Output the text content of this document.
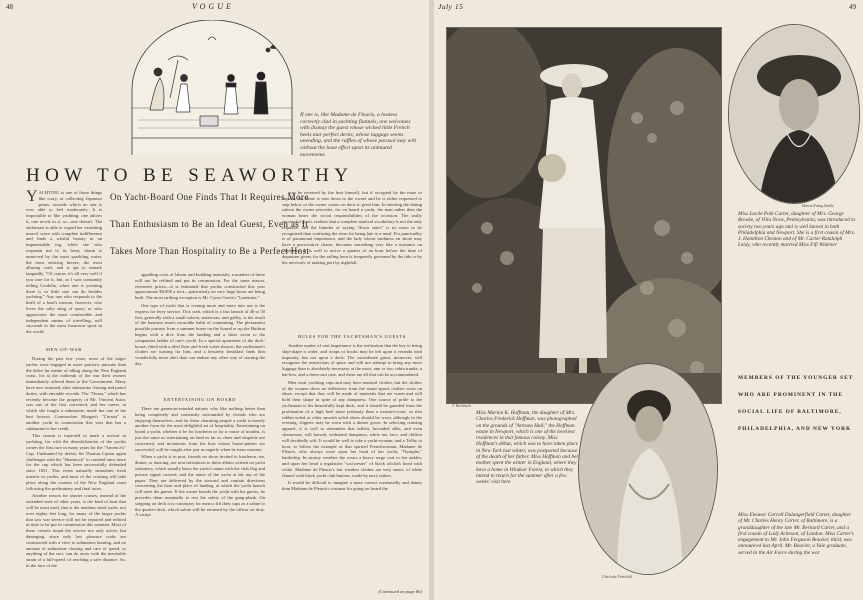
48	VOGUE
If one is, like Madame de Fleuris, a hostess correctly clad in yachting flannels, one welcomes with dismay the guest whose wicked little French heels mar perfect decks, whose luggage seems unending, and the ruffles of whose parasol may wilt without the least effect upon its animated movements
HOW TO BE SEAWORTHY
On Yacht-Board One Finds That It Requires More
Than Enthusiasm to Be an Ideal Guest, Even as It
Takes More Than Hospitality to Be a Perfect Host
YACHTING is one of those things like curry, or collecting Japanese prints, towards which no one is ever able to feel moderately. It is impossible to like yachting; one adores it, one revels in it, or—one doesn't. The enthusiast is able to regard her vanishing marcel wave with complete indifference and finds a wistful beauty in an impenetrable fog, while she who responds not to its briny charm is unmoved by the most sparkling water, the most enticing breeze, the most alluring craft, and is apt to remark languidly, "Of course, it's all very well if you care for it, but, as I was constantly telling Cordelia, when one is yachting there is so little one can do besides yachting." Any one who responds to the thrill of a boat's motion, however, who loves the salty sting of spray, or who appreciates the most comfortable and independent means of travelling, will succumb to the most luxurious sport in the world.
MEN-OF-WAR

During the past few years, most of the larger yachts were engaged in more patriotic pursuits than the dolce far niente of idling along the New England coast, for at the outbreak of the war their owners immediately offered them to the Government. Many have now returned, after submarine chasing and patrol duties, with enviable records. The "Noma," which has recently become the property of Mr. Vincent Astor, was one of the first converted, and her career, in which she fought a submarine, made her one of the best known. Commodore Morgan's "Corsair" is another yacht in commission this year that has a submarine to her credit.

This season is expected to mark a revival in yachting, for with the demobilization of the yachts comes the first race in many years for the "America's" Cup. Undaunted by defeat, Sir Thomas Lipton again challenges with his "Shamrock" to contend once more for the cup which has been successfully defended since 1851. This event naturally stimulates fresh interest in yachts, and most of the cruising will take place along the courses of the New England coast following the preliminary and final races.

Another reason for shorter cruises, instead of the extended ones of other years, is the kind of boat that will be most used, that is the medium sized yacht, not over eighty feet long, for many of the larger yachts that saw war service will not be repaired and refitted in time to be put in commission this summer. Most of these vessels found the service not only active, but damaging, since only low pleasure crafts are constructed with a view to submarine hunting, and no amount of submarine chasing and care of speed, or anything of the sort, can do away with the inevitable strain of a full-speed, of reaching a safe distance. So, in the face of the

appalling costs of labour and building materials, a number of these will not be refitted and put in commission. For the same reason, extensive prices—it is estimated that yachts constructed this year approximate $8,000 a foot—particularly on very large boats are being built. The most striking exception is Mr. Cyrus Curtis's "Lyndonia."

One type of yacht that is coming more and more into use is the express for ferry service. This craft, which is a fast launch of 40 to 50 feet, generally with a small saloon, stateroom, and galley, is the result of the business man's incurable habit of commuting. The pleasantest possible journey from a summer home on the Sound or up the Hudson begins with a dive from the landing and a short swim to the companion ladder of one's yacht. In a special apartment of the deck-house, fitted with a tiled floor and fresh water shower, the yachtsman's clothes are waiting for him, and a leisurely breakfast finds him wonderfully more alert than can endure any other way of starting the day.

ENTERTAINING ON BOARD

There are generous-minded natures who like nothing better than being completely and constantly surrounded by friends who are enjoying themselves, and for these charming people a yacht is merely another form for the most delightful art of hospitality. Entertaining on board a yacht, whether it be for luncheon or for a cruise of months, is just the same as entertaining on land as far as cheer and etiquette are concerned, and invitations from the host whose house-parties are successful, will be sought after just as eagerly when he turns mariner.

When a yacht is in port, friends on shore invited to luncheon, tea, dinner, or dancing, are sent invitations to these affairs written on yacht stationery, which usually bears the yacht's name with the club flag and private signal crossed, and the name of the yacht at the top of the paper. They are delivered by the steward and contain directions concerning the hour and place of landing, at which the yacht launch will meet the guests. If the owner boards the yacht with his guests, he precedes them nominally to test the safety of the gang-plank. On stepping on deck it is customary for men to lift their caps as a salute to the quarter-deck, which salute will be returned by the officer on duty. A visitor

may be received by the host himself, but if occupied by the mate or captain, his name is sent down to the owner and he is either requested to step below or the owner comes on deck to greet him. In entering the dining saloon the owner precedes, for on board a yacht, the man rather than the woman bears the social responsibilities of the occasion. The really successful guest, realizes that a complete nautical vocabulary is not the only requisite, and the blunder of saying "down stairs" is no more to be recognized than confusing the stern for being late to a meal. For punctuality is of paramount importance, and the lady whose tardiness on shore may have a provocative charm, becomes something very like a nuisance on shipboard. It is well to arrive a quarter of an hour before the time of departure given, for the sailing hour is frequently governed by the tide or by the necessity of making port by nightfall.

RULES FOR THE YACHTSMAN'S GUESTS

Another matter of vast importance is the realization that the key to being ship-shape is order, and wraps or books may be left upon a veranda with impunity, but not upon a deck. The considerate guest, moreover, will recognize the restrictions of space and will not attempt to bring any more luggage than is absolutely necessary at the most, one or two cabin trunks, a hat-box, and a dress-suit case, and these are all that can be accommodated.

Men wear yachting caps and may have nautical clothes, but the clothes of the women show no difference from the smart sports clothes worn on shore, except that they will be made of materials that are warm and will hold their shape in spite of any dampness. One source of pride to the yachtsman is his beautifully kept deck, and it should be guarded from the profanation of a high heel more jealously than a treasure-court, so that rubber-soled or other smooth soled shoes should be worn, although in the evening, slippers may be worn with a dinner gown. In selecting cruising apparel, it is well to remember that taffeta, brocaded silks, and even charmeuse, will bravely withstand dampness, while net, lace, and chiffon will decidedly wilt. It would be well to take a yacht-woman, and a Trilby to boot, to follow the example of that spirited Frenchwoman, Madame de Fleuris, who always wore upon her head of her yacht, "Nymphe," battleship. In stormy weather she wears a heavy serge coat to her ankles, and upon her head a regulation "sou'wester" of black oilcloth lined with white. Madame de Fleuris's fair weather clothes are very smart, of white flannel with black yacht club buttons, made by navy tailors.

It would be difficult to imagine a more correct contentedly and dainty than Madame de Fleuris's costume for going on board the

(Continued on page 86)
July 15	49
© Bachrach
Harris-Ewing Studio
Miss Lucile Polk Carter, daughter of Mrs. George Brooke, of Villa Nova, Pennsylvania, was introduced to society two years ago and is well known in both Philadelphia and Newport. She is a first cousin of Mrs. J. Hamilton Cheston and of Mr. Carter Randolph Leidy, who recently married Miss Fifi Widener
Charlotte Fairchild
Miss Marion K. Hoffman, the daughter of Mrs. Charles Frederick Hoffman, was photographed on the grounds of "Armsea Hall," the Hoffman estate in Newport, which is one of the loveliest residences in that famous colony. Miss Hoffman's début, which was to have taken place in New York last winter, was postponed because of the death of her father. Miss Hoffman and her mother spent the winter in England, where they have a home in Windsor Forest, to which they intend to return for the summer after a few weeks' visit here
MEMBERS OF THE YOUNGER SET
WHO ARE PROMINENT IN THE
SOCIAL LIFE OF BALTIMORE,
PHILADELPHIA, AND NEW YORK
Miss Eleanor Carroll Dulangerfield Carter, daughter of Mr. Charles Henry Carter, of Baltimore, is a granddaughter of the late Mr. Bernard Carter, and a first cousin of Lady Acheson, of London. Miss Carter's engagement to Mr. John Ferguson Bouvier, third, was announced last April. Mr. Bouvier, a Yale graduate, served in the Air Force during the war
